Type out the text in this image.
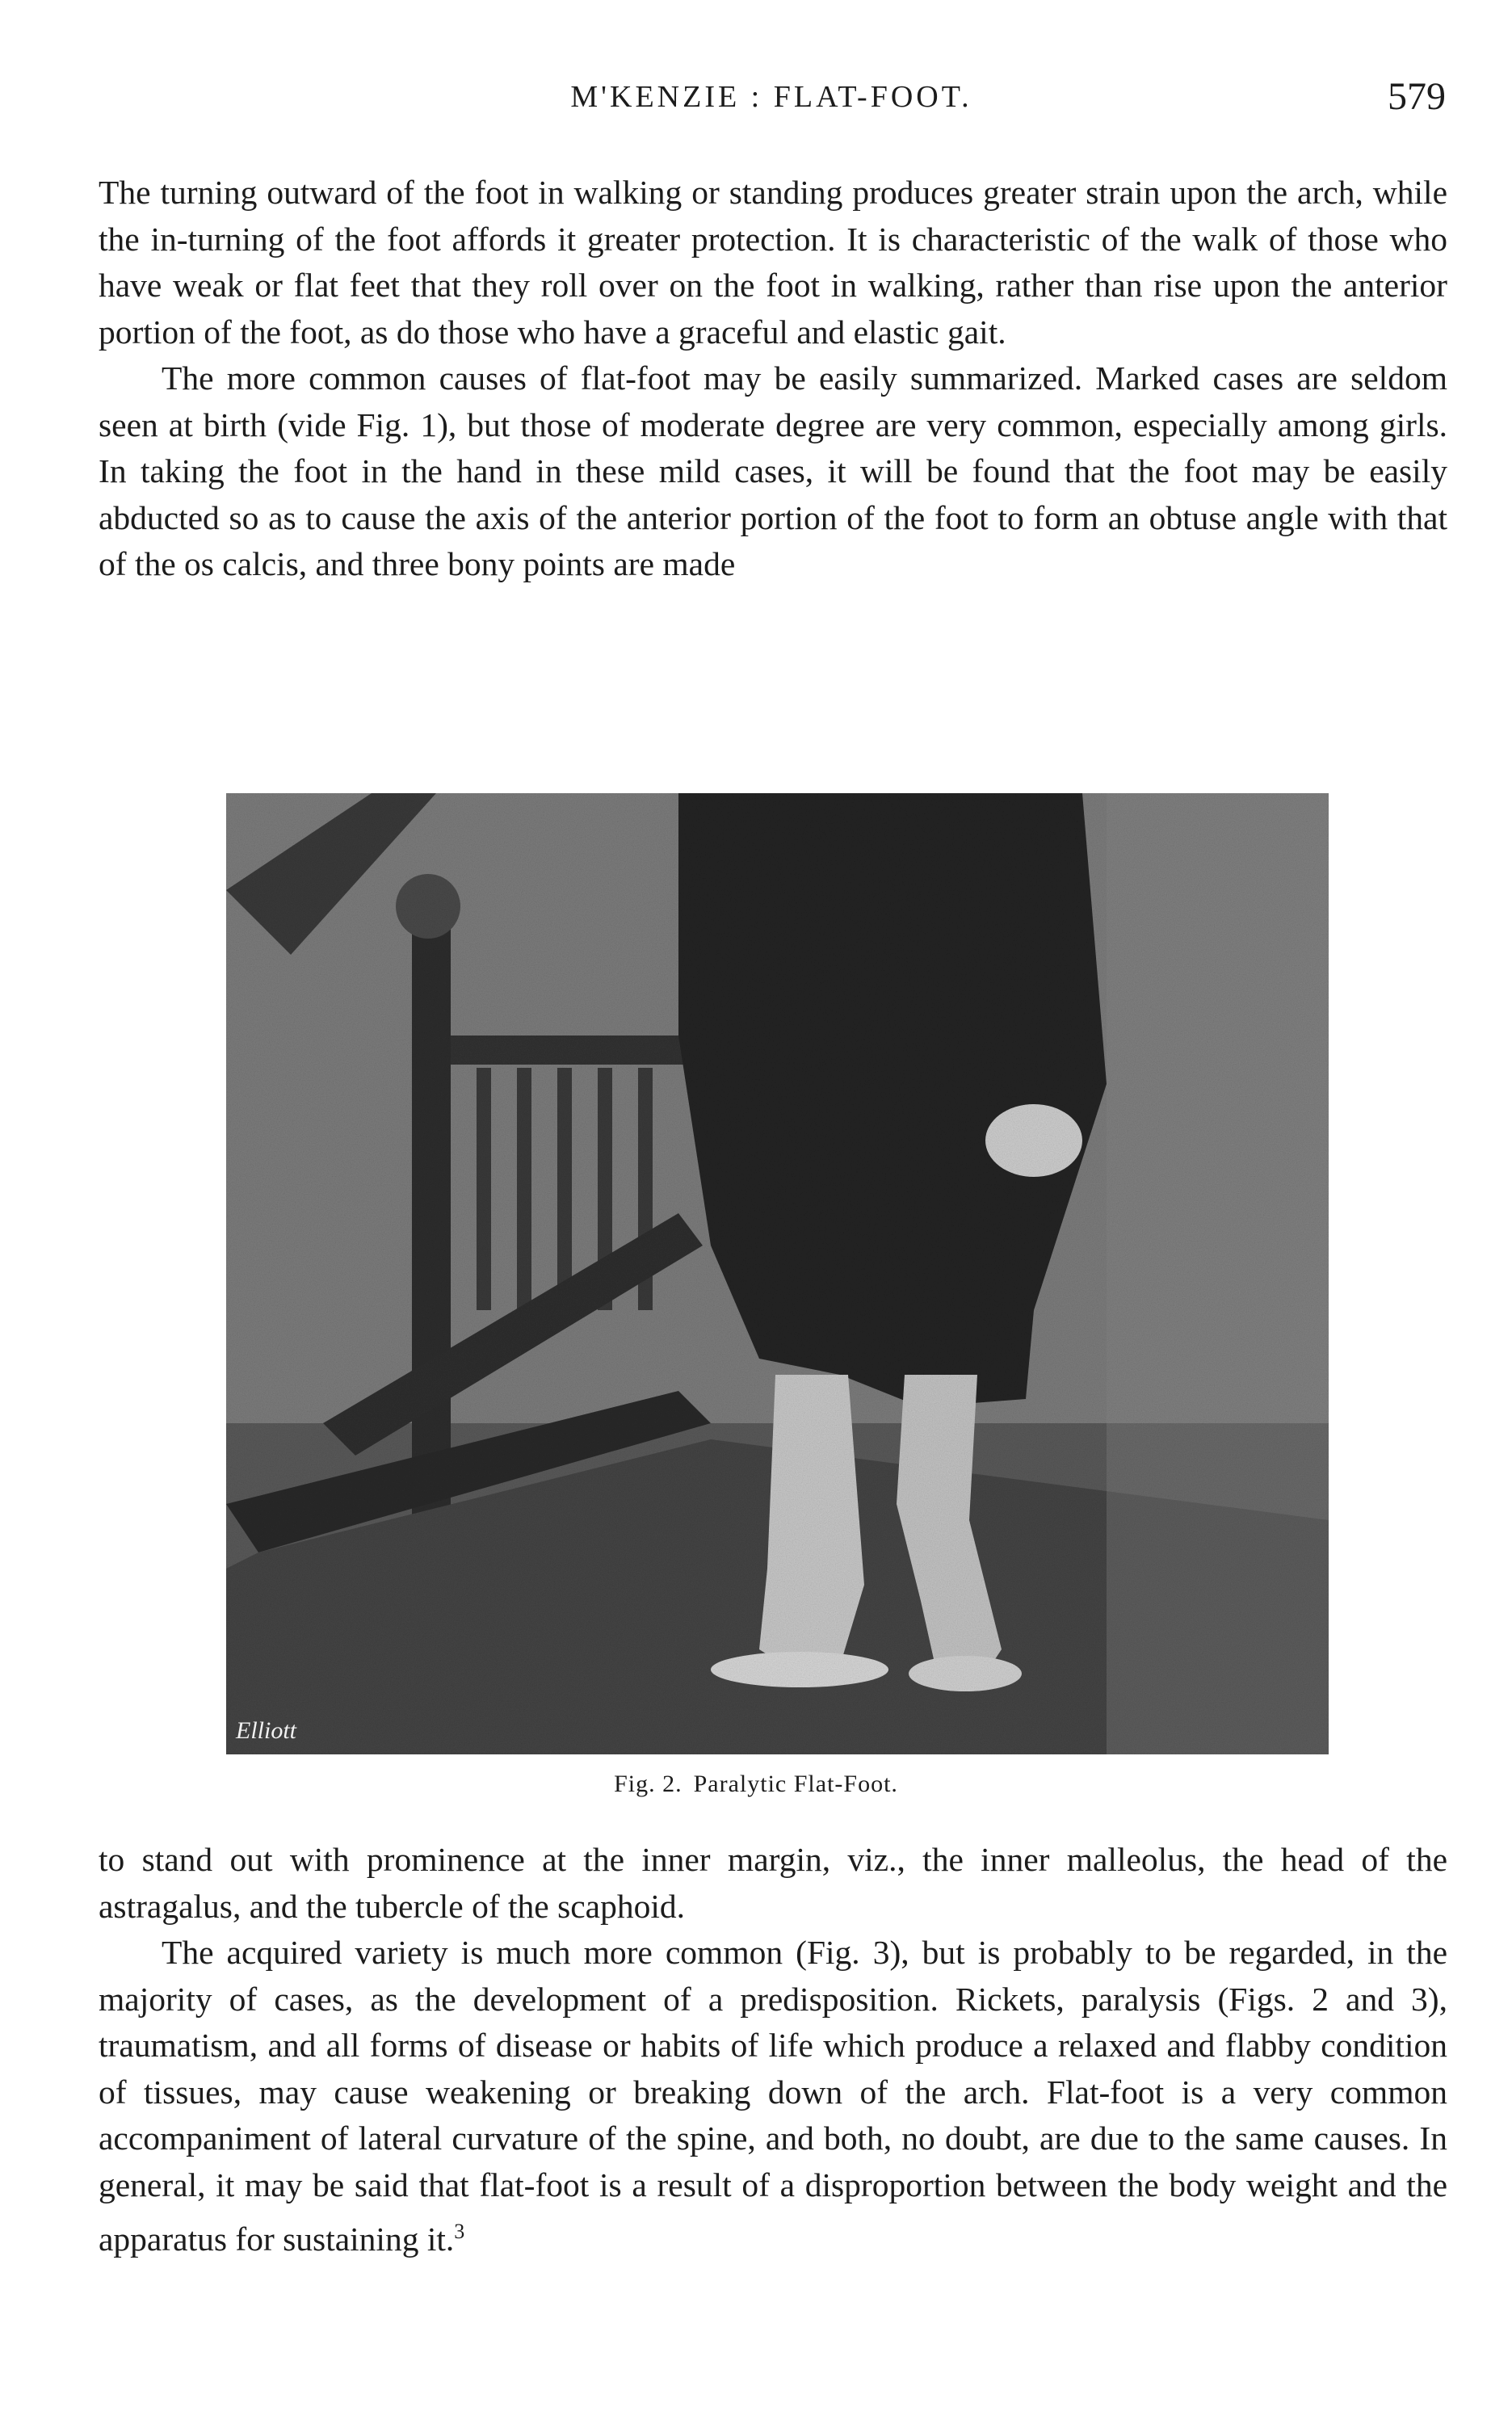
M'KENZIE : FLAT-FOOT.	579

The turning outward of the foot in walking or standing produces greater strain upon the arch, while the in-turning of the foot affords it greater protection. It is characteristic of the walk of those who have weak or flat feet that they roll over on the foot in walking, rather than rise upon the anterior portion of the foot, as do those who have a graceful and elastic gait.

The more common causes of flat-foot may be easily summarized. Marked cases are seldom seen at birth (vide Fig. 1), but those of moderate degree are very common, especially among girls. In taking the foot in the hand in these mild cases, it will be found that the foot may be easily abducted so as to cause the axis of the anterior portion of the foot to form an obtuse angle with that of the os calcis, and three bony points are made

Elliott
Fig. 2. Paralytic Flat-Foot.

to stand out with prominence at the inner margin, viz., the inner malleolus, the head of the astragalus, and the tubercle of the scaphoid.

The acquired variety is much more common (Fig. 3), but is probably to be regarded, in the majority of cases, as the development of a predisposition. Rickets, paralysis (Figs. 2 and 3), traumatism, and all forms of disease or habits of life which produce a relaxed and flabby condition of tissues, may cause weakening or breaking down of the arch. Flat-foot is a very common accompaniment of lateral curvature of the spine, and both, no doubt, are due to the same causes. In general, it may be said that flat-foot is a result of a disproportion between the body weight and the apparatus for sustaining it.$^3$
